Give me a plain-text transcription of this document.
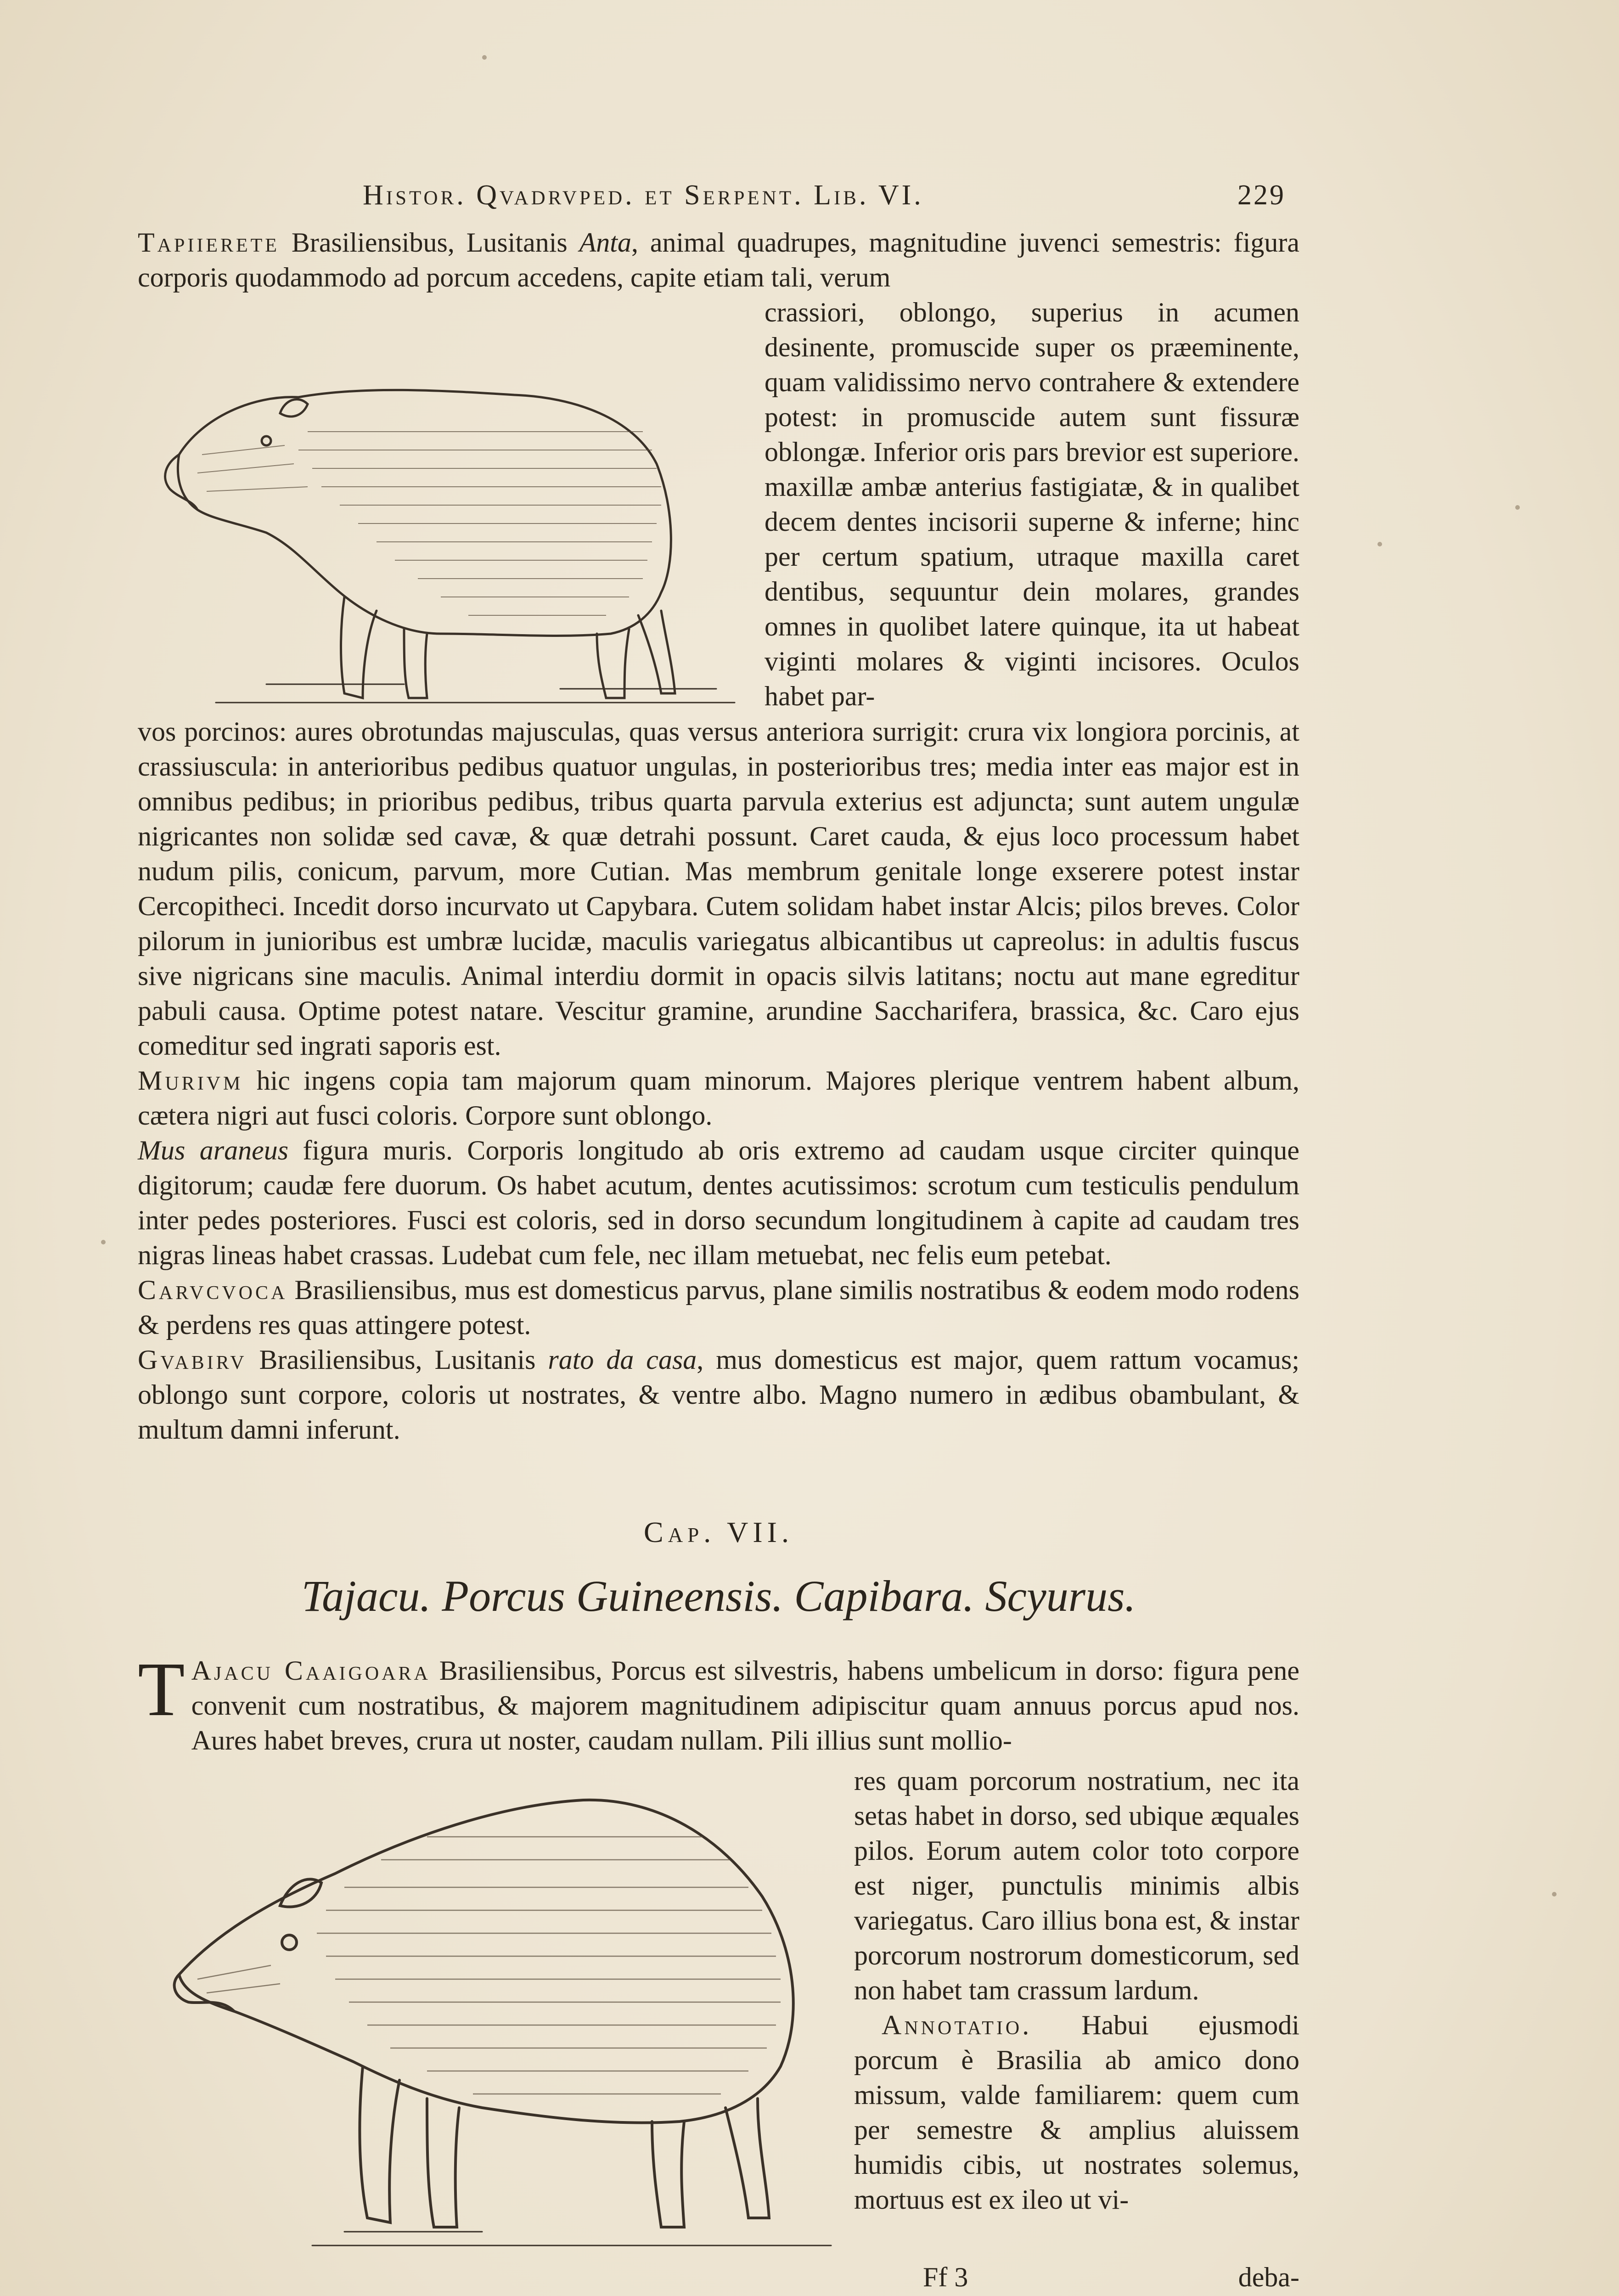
Histor. Qvadrvped. et Serpent. Lib. VI.	229

Tapiierete Brasiliensibus, Lusitanis Anta, animal quadrupes, magnitudine juvenci semestris: figura corporis quodammodo ad porcum accedens, capite etiam tali, verum

crassiori, oblongo, superius in acumen desinente, promuscide super os præeminente, quam validissimo nervo contrahere & extendere potest: in promuscide autem sunt fissuræ oblongæ. Inferior oris pars brevior est superiore. maxillæ ambæ anterius fastigiatæ, & in qualibet decem dentes incisorii superne & inferne; hinc per certum spatium, utraque maxilla caret dentibus, sequuntur dein molares, grandes omnes in quolibet latere quinque, ita ut habeat viginti molares & viginti incisores. Oculos habet par-

vos porcinos: aures obrotundas majusculas, quas versus anteriora surrigit: crura vix longiora porcinis, at crassiuscula: in anterioribus pedibus quatuor ungulas, in posterioribus tres; media inter eas major est in omnibus pedibus; in prioribus pedibus, tribus quarta parvula exterius est adjuncta; sunt autem ungulæ nigricantes non solidæ sed cavæ, & quæ detrahi possunt. Caret cauda, & ejus loco processum habet nudum pilis, conicum, parvum, more Cutian. Mas membrum genitale longe exserere potest instar Cercopitheci. Incedit dorso incurvato ut Capybara. Cutem solidam habet instar Alcis; pilos breves. Color pilorum in junioribus est umbræ lucidæ, maculis variegatus albicantibus ut capreolus: in adultis fuscus sive nigricans sine maculis. Animal interdiu dormit in opacis silvis latitans; noctu aut mane egreditur pabuli causa. Optime potest natare. Vescitur gramine, arundine Saccharifera, brassica, &c. Caro ejus comeditur sed ingrati saporis est.

Murivm hic ingens copia tam majorum quam minorum. Majores plerique ventrem habent album, cætera nigri aut fusci coloris. Corpore sunt oblongo.

Mus araneus figura muris. Corporis longitudo ab oris extremo ad caudam usque circiter quinque digitorum; caudæ fere duorum. Os habet acutum, dentes acutissimos: scrotum cum testiculis pendulum inter pedes posteriores. Fusci est coloris, sed in dorso secundum longitudinem à capite ad caudam tres nigras lineas habet crassas. Ludebat cum fele, nec illam metuebat, nec felis eum petebat.

Carvcvoca Brasiliensibus, mus est domesticus parvus, plane similis nostratibus & eodem modo rodens & perdens res quas attingere potest.

Gvabirv Brasiliensibus, Lusitanis rato da casa, mus domesticus est major, quem rattum vocamus; oblongo sunt corpore, coloris ut nostrates, & ventre albo. Magno numero in ædibus obambulant, & multum damni inferunt.

Cap. VII.
Tajacu. Porcus Guineensis. Capibara. Scyurus.

T Ajacu Caaigoara Brasiliensibus, Porcus est silvestris, habens umbelicum in dorso: figura pene convenit cum nostratibus, & majorem magnitudinem adipiscitur quam annuus porcus apud nos. Aures habet breves, crura ut noster, caudam nullam. Pili illius sunt mollio-

res quam porcorum nostratium, nec ita setas habet in dorso, sed ubique æquales pilos. Eorum autem color toto corpore est niger, punctulis minimis albis variegatus. Caro illius bona est, & instar porcorum nostrorum domesticorum, sed non habet tam crassum lardum.

Annotatio. Habui ejusmodi porcum è Brasilia ab amico dono missum, valde familiarem: quem cum per semestre & amplius aluissem humidis cibis, ut nostrates solemus, mortuus est ex ileo ut vi-

Ff 3	deba-
